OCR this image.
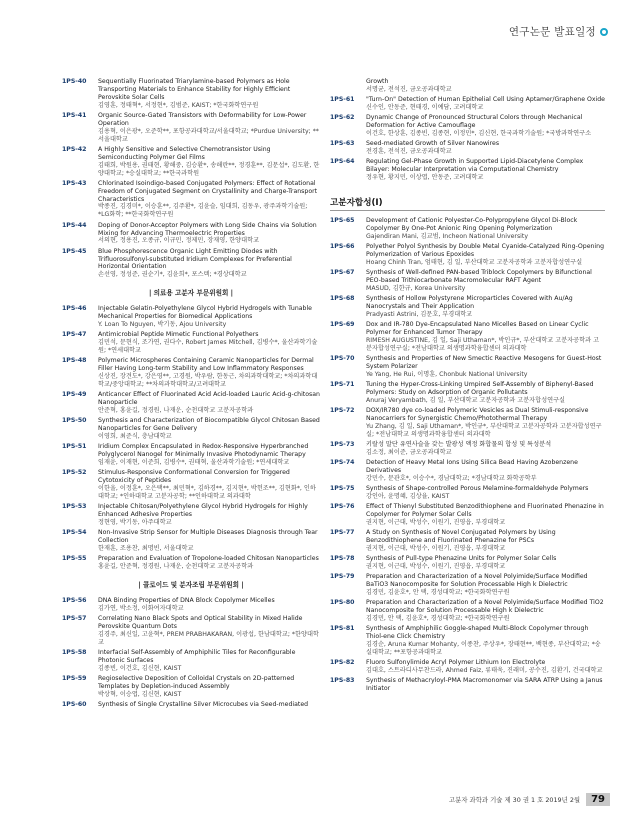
연구논문 발표일정
1PS-40 Sequentially Fluorinated Triarylamine-based Polymers as Hole Transporting Materials to Enhance Stability for Highly Efficient Perovskite Solar Cells
김영훈, 정태혁*, 서정현*, 김범준, KAIST; *한국화학연구원
1PS-41 Organic Source-Gated Transistors with Deformability for Low-Power Operation
김용혁, 이은광*, 오준학**, 포항공과대학교/서울대학교; *Purdue University; **서울대학교
1PS-42 A Highly Sensitive and Selective Chemotransistor Using Semiconducting Polymer Gel Films
김태희, 박원용, 권태현, 황해중, 김승환*, 송해란**, 정경훈**, 김문섭*, 김도환, 한양대학교; *승실대학교; **한국과학원
1PS-43 Chlorinated Isoindigo-based Conjugated Polymers: Effect of Rotational Freedom of Conjugated Segment on Crystallinity and Charge-Transport Characteristics
박종진, 김경미*, 이승훈**, 김주환*, 김윤슬, 임대희, 김동우, 광주과학기술원; *LG화학; **한국화학연구원
1PS-44 Doping of Donor-Acceptor Polymers with Long Side Chains via Solution Mixing for Advancing Thermoelectric Properties
서의현, 정용진, 오종규, 이규민, 정제민, 장재영, 한양대학교
1PS-45 Blue Phosphorescence Organic Light Emitting Diodes with Trifluorosulfonyl-substituted Iridium Complexes for Preferential Horizontal Orientation
손선영, 정성준, 권순기*, 김윤희*, 포스텍; *경상대학교
| 의료용 고분자 부문위원회 |
1PS-46 Injectable Gelatin-Polyethylene Glycol Hybrid Hydrogels with Tunable Mechanical Properties for Biomedical Applications
Y. Loan To Nguyen, 박기동, Ajou University
1PS-47 Antimicrobial Peptide Mimetic Functional Polyethers
김민석, 문현식, 조가연, 권다수, Robert James Mitchell, 김병수*, 울산과학기술원; *연세대학교
1PS-48 Polymeric Microspheres Containing Ceramic Nanoparticles for Dermal Filler Having Long-term Stability and Low Inflammatory Responses
신상진, 장견도*, 강은영**, 고경원, 박우람, 한동근, 차의과학대학교; *차의과학대학교/중앙대학교; **차의과학대학교/고려대학교
1PS-49 Anticancer Effect of Fluorinated Acid Acid-loaded Lauric Acid-g-chitosan Nanoparticle
안준혁, 홍윤길, 정경원, 나재운, 순천대학교 고분자공학과
1PS-50 Synthesis and Characterization of Biocompatible Glycol Chitosan Based Nanoparticles for Gene Delivery
이영희, 최준식, 충남대학교
1PS-51 Iridium Complex Encapsulated in Redox-Responsive Hyperbranched Polyglycerol Nanogel for Minimally Invasive Photodynamic Therapy
임재윤, 이재현, 이준희, 김병수*, 권태혁, 울산과학기술원; *연세대학교
1PS-52 Stimulus-Responsive Conformational Conversion for Triggered Cytotoxicity of Peptides
이한울, 이정훈*, 오은택**, 최민혁*, 김하경**, 김지현*, 박헌조**, 김현화*, 인하대학교; *인하대학교 고분자공학; **인하대학교 의과대학
1PS-53 Injectable Chitosan/Polyethylene Glycol Hybrid Hydrogels for Highly Enhanced Adhesive Properties
정현영, 박기동, 아주대학교
1PS-54 Non-Invasive Strip Sensor for Multiple Diseases Diagnosis through Tear Collection
한재훈, 조용찬, 최명빈, 서울대학교
1PS-55 Preparation and Evaluation of Tropolone-loaded Chitosan Nanoparticles
홍윤길, 안준혁, 정경원, 나재운, 순천대학교 고분자공학과
| 콜로이드 및 분자조립 부문위원회 |
1PS-56 DNA Binding Properties of DNA Block Copolymer Micelles
김가연, 박소정, 이화여자대학교
1PS-57 Correlating Nano Black Spots and Optical Stability in Mixed Halide Perovskite Quantum Dots
김경주, 최신일, 고윤혁*, PREM PRABHAKARAN, 이광섭, 한남대학교; *한양대학교
1PS-58 Interfacial Self-Assembly of Amphiphilic Tiles for Reconfigurable Photonic Surfaces
김종빈, 이건호, 김신현, KAIST
1PS-59 Regioselective Deposition of Colloidal Crystals on 2D-patterned Templates by Depletion-induced Assembly
박상혁, 이승엽, 김신현, KAIST
1PS-60 Synthesis of Single Crystalline Silver Microcubes via Seed-mediated
Growth
서명균, 전석진, 금오공과대학교
1PS-61 "Turn-On" Detection of Human Epithelial Cell Using Aptamer/Graphene Oxide
신수인, 안동준, 현태경, 이예담, 고려대학교
1PS-62 Dynamic Change of Pronounced Structural Colors through Mechanical Deformation for Active Camouflage
이건호, 한상훈, 김종빈, 김종현, 이정민*, 김신현, 한국과학기술원; *국방과학연구소
1PS-63 Seed-mediated Growth of Silver Nanowires
전경훈, 전석진, 금오공과대학교
1PS-64 Regulating Gel-Phase Growth in Supported Lipid-Diacetylene Complex Bilayer: Molecular Interpretation via Computational Chemistry
정우현, 황지민, 이상엽, 안동준, 고려대학교
고분자합성(I)
1PS-65 Development of Cationic Polyester-Co-Polypropylene Glycol Di-Block Copolymer By One-Pot Anionic Ring Opening Polymerization
Gajendiran Mani, 김교범, Incheon National University
1PS-66 Polyether Polyol Synthesis by Double Metal Cyanide-Catalyzed Ring-Opening Polymerization of Various Epoxides
Hoang Chinh Tran, 엄태현, 김 일, 부산대학교 고분자공학과 고분자합성연구실
1PS-67 Synthesis of Well-defined PAN-based Triblock Copolymers by Bifunctional PEO-based Trithiocarbonate Macromolecular RAFT Agent
MASUD, 김한규, Korea University
1PS-68 Synthesis of Hollow Polystyrene Microparticles Covered with Au/Ag Nanocrystals and Their Application
Pradyasti Astrini, 김문호, 부경대학교
1PS-69 Dox and IR-780 Dye-Encapsulated Nano Micelles Based on Linear Cyclic Polymer for Enhanced Tumor Therapy
RIMESH AUGUSTINE, 김 일, Saji Uthaman*, 박인규*, 부산대학교 고분자공학과 고분자합성연구실; *전남대학교 의생명과학융합센터 의과대학
1PS-70 Synthesis and Properties of New Smectic Reactive Mesogens for Guest-Host System Polarizer
Ye Yang, He Rui, 이명훈, Chonbuk National University
1PS-71 Tuning the Hyper-Cross-Linking Umpired Self-Assembly of Biphenyl-Based Polymers: Study on Adsorption of Organic Pollutants
Anuraj Veryambath, 김 일, 부산대학교 고분자공학과 고분자합성연구실
1PS-72 DOX/IR780 dye co-loaded Polymeric Vesicles as Dual Stimuli-responsive Nanocarriers for Synergistic Chemo/Photothermal Therapy
Yu Zhang, 김 일, Saji Uthaman*, 박인규*, 부산대학교 고분자공학과 고분자합성연구실; *전남대학교 의생명과학융합센터 의과대학
1PS-73 키랄성 말단 유연사슬을 갖는 발광성 액정 화합물의 합성 및 특성분석
김소정, 최이준, 금오공과대학교
1PS-74 Detection of Heavy Metal Ions Using Silica Bead Having Azobenzene Derivatives
강민수, 문관호*, 이승수*, 경남대학교; *경남대학교 화학공학부
1PS-75 Synthesis of Shape-controlled Porous Melamine-formaldehyde Polymers
강인아, 윤명혜, 김상율, KAIST
1PS-76 Effect of Thienyl Substituted Benzodithiophene and Fluorinated Phenazine in Copolymer for Polymer Solar Cells
권지현, 이근대, 박성수, 이원기, 진영읍, 부경대학교
1PS-77 A Study on Synthesis of Novel Conjugated Polymers by Using Benzodithiophene and Fluorinated Phenazine for PSCs
권지현, 이근대, 박성수, 이원기, 진영읍, 부경대학교
1PS-78 Synthesis of Pull-type Phenazine Units for Polymer Solar Cells
권지현, 이근대, 박성수, 이원기, 진영읍, 부경대학교
1PS-79 Preparation and Characterization of a Novel Polyimide/Surface Modified BaTiO3 Nanocomposite for Solution Processable High k Dielectric
김경민, 김윤호*, 안 택, 경성대학교; *한국화학연구원
1PS-80 Preparation and Characterization of a Novel Polyimide/Surface Modified TiO2 Nanocomposite for Solution Processable High k Dielectric
김경민, 안 택, 김윤호*, 경성대학교; *한국화학연구원
1PS-81 Synthesis of Amphiphilic Goggle-shaped Multi-Block Copolymer through Thiol-ene Click Chemistry
김경순, Aruna Kumar Mohanty, 이종찬, 주상우*, 장태현**, 백현종, 부산대학교; *숭실대학교; **포항공과대학교
1PS-82 Fluoro Sulfonylimide Acryl Polymer Lithium Ion Electrolyte
김대호, 스트라디사무찬드라, Ahmed Faiz, 류태욱, 진래미, 공수진, 김환기, 건국대학교
1PS-83 Synthesis of Methacryloyl-PMA Macromonomer via SARA ATRP Using a Janus Initiator
고분자 과학과 기술 제 30 권 1 호 2019년 2월	79
